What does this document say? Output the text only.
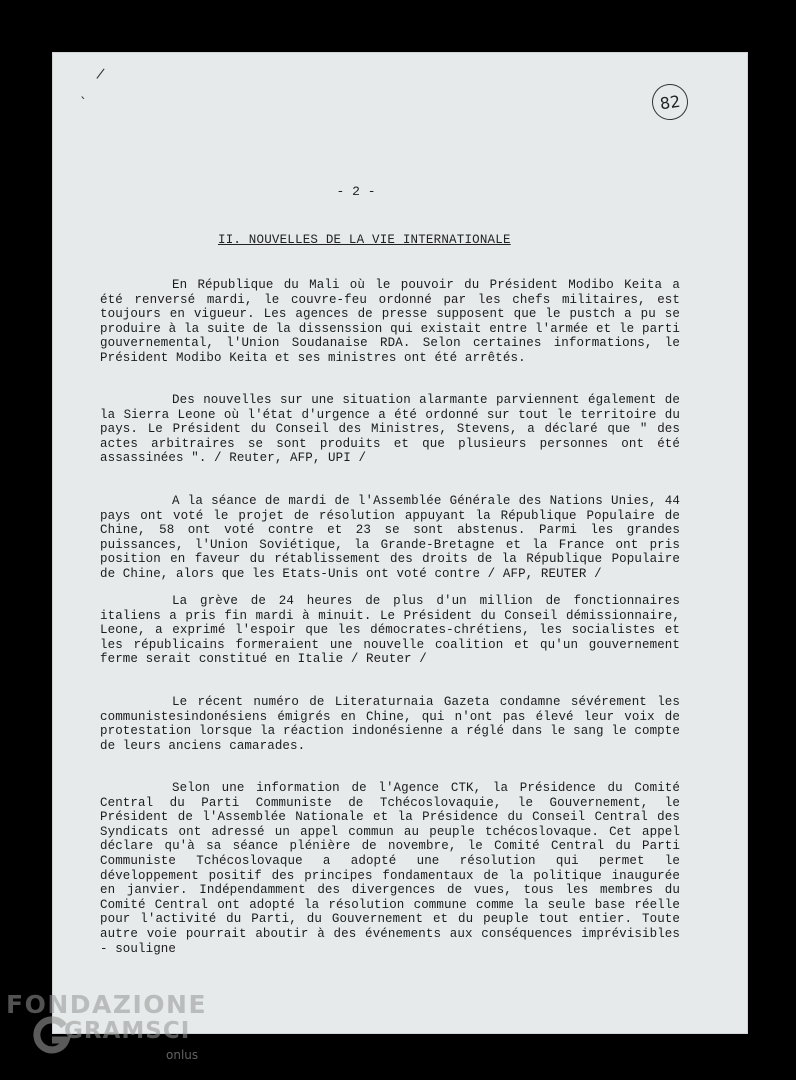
/
`	82
- 2 -
II. NOUVELLES DE LA VIE INTERNATIONALE
En République du Mali où le pouvoir du Président Modibo Keita a été renversé mardi, le couvre-feu ordonné par les chefs militaires, est toujours en vigueur. Les agences de presse supposent que le pustch a pu se produire à la suite de la dissenssion qui existait entre l'armée et le parti gouvernemental, l'Union Soudanaise RDA. Selon certaines informations, le Président Modibo Keita et ses ministres ont été arrêtés.
Des nouvelles sur une situation alarmante parviennent également de la Sierra Leone où l'état d'urgence a été ordonné sur tout le territoire du pays. Le Président du Conseil des Ministres, Stevens, a déclaré que " des actes arbitraires se sont produits et que plusieurs personnes ont été assassinées ". / Reuter, AFP, UPI /
A la séance de mardi de l'Assemblée Générale des Nations Unies, 44 pays ont voté le projet de résolution appuyant la République Populaire de Chine, 58 ont voté contre et 23 se sont abstenus. Parmi les grandes puissances, l'Union Soviétique, la Grande-Bretagne et la France ont pris position en faveur du rétablissement des droits de la République Populaire de Chine, alors que les Etats-Unis ont voté contre / AFP, REUTER /
La grève de 24 heures de plus d'un million de fonctionnaires italiens a pris fin mardi à minuit. Le Président du Conseil démissionnaire, Leone, a exprimé l'espoir que les démocrates-chrétiens, les socialistes et les républicains formeraient une nouvelle coalition et qu'un gouvernement ferme serait constitué en Italie / Reuter /
Le récent numéro de Literaturnaia Gazeta condamne sévérement les communistesindonésiens émigrés en Chine, qui n'ont pas élevé leur voix de protestation lorsque la réaction indonésienne a réglé dans le sang le compte de leurs anciens camarades.
Selon une information de l'Agence CTK, la Présidence du Comité Central du Parti Communiste de Tchécoslovaquie, le Gouvernement, le Président de l'Assemblée Nationale et la Présidence du Conseil Central des Syndicats ont adressé un appel commun au peuple tchécoslovaque. Cet appel déclare qu'à sa séance plénière de novembre, le Comité Central du Parti Communiste Tchécoslovaque a adopté une résolution qui permet le développement positif des principes fondamentaux de la politique inaugurée en janvier. Indépendamment des divergences de vues, tous les membres du Comité Central ont adopté la résolution commune comme la seule base réelle pour l'activité du Parti, du Gouvernement et du peuple tout entier. Toute autre voie pourrait aboutir à des événements aux conséquences imprévisibles - souligne
FONDAZIONE
GRAMSCI
onlus
